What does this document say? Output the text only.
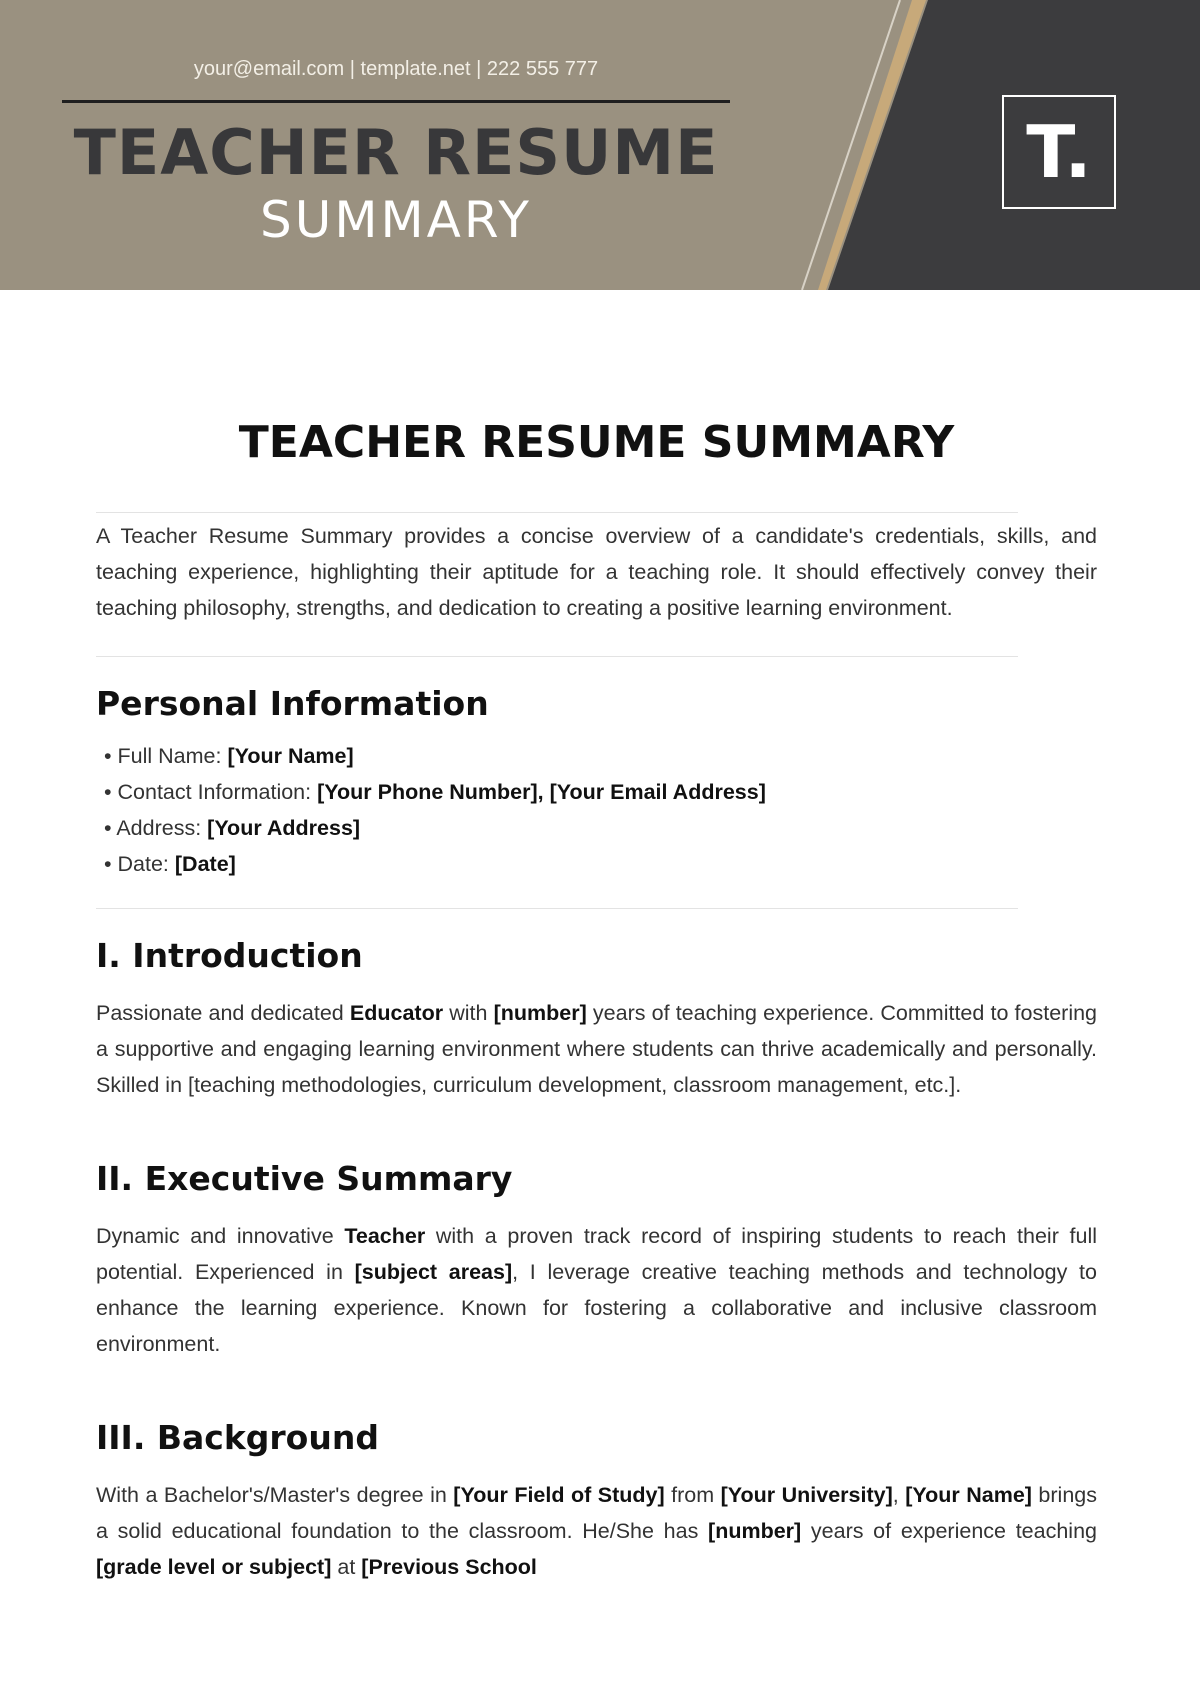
your@email.com | template.net | 222 555 777
TEACHER RESUME
SUMMARY
T.
TEACHER RESUME SUMMARY

A Teacher Resume Summary provides a concise overview of a candidate's credentials, skills, and teaching experience, highlighting their aptitude for a teaching role. It should effectively convey their teaching philosophy, strengths, and dedication to creating a positive learning environment.

Personal Information
• Full Name: [Your Name]
• Contact Information: [Your Phone Number], [Your Email Address]
• Address: [Your Address]
• Date: [Date]
I. Introduction

Passionate and dedicated Educator with [number] years of teaching experience. Committed to fostering a supportive and engaging learning environment where students can thrive academically and personally. Skilled in [teaching methodologies, curriculum development, classroom management, etc.].

II. Executive Summary

Dynamic and innovative Teacher with a proven track record of inspiring students to reach their full potential. Experienced in [subject areas], I leverage creative teaching methods and technology to enhance the learning experience. Known for fostering a collaborative and inclusive classroom environment.

III. Background

With a Bachelor's/Master's degree in [Your Field of Study] from [Your University], [Your Name] brings a solid educational foundation to the classroom. He/She has [number] years of experience teaching [grade level or subject] at [Previous School
